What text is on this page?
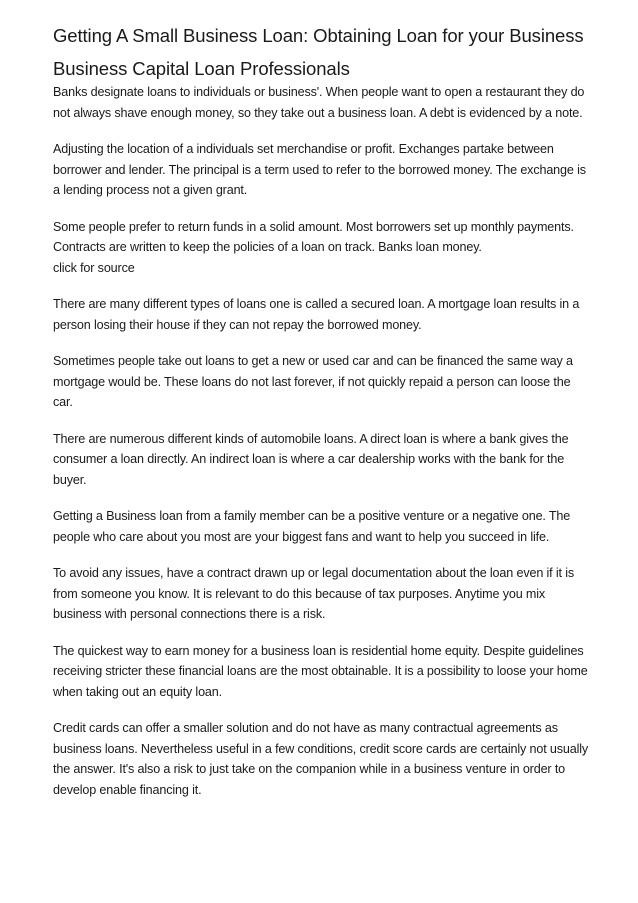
Getting A Small Business Loan: Obtaining Loan for your Business
Business Capital Loan Professionals

Banks designate loans to individuals or business'. When people want to open a restaurant they do not always shave enough money, so they take out a business loan. A debt is evidenced by a note.

Adjusting the location of a individuals set merchandise or profit. Exchanges partake between borrower and lender. The principal is a term used to refer to the borrowed money. The exchange is a lending process not a given grant.

Some people prefer to return funds in a solid amount. Most borrowers set up monthly payments. Contracts are written to keep the policies of a loan on track. Banks loan money.
click for source

There are many different types of loans one is called a secured loan. A mortgage loan results in a person losing their house if they can not repay the borrowed money.

Sometimes people take out loans to get a new or used car and can be financed the same way a mortgage would be. These loans do not last forever, if not quickly repaid a person can loose the car.

There are numerous different kinds of automobile loans. A direct loan is where a bank gives the consumer a loan directly. An indirect loan is where a car dealership works with the bank for the buyer.

Getting a Business loan from a family member can be a positive venture or a negative one. The people who care about you most are your biggest fans and want to help you succeed in life.

To avoid any issues, have a contract drawn up or legal documentation about the loan even if it is from someone you know. It is relevant to do this because of tax purposes. Anytime you mix business with personal connections there is a risk.

The quickest way to earn money for a business loan is residential home equity. Despite guidelines receiving stricter these financial loans are the most obtainable. It is a possibility to loose your home when taking out an equity loan.

Credit cards can offer a smaller solution and do not have as many contractual agreements as business loans. Nevertheless useful in a few conditions, credit score cards are certainly not usually the answer. It's also a risk to just take on the companion while in a business venture in order to develop enable financing it.
